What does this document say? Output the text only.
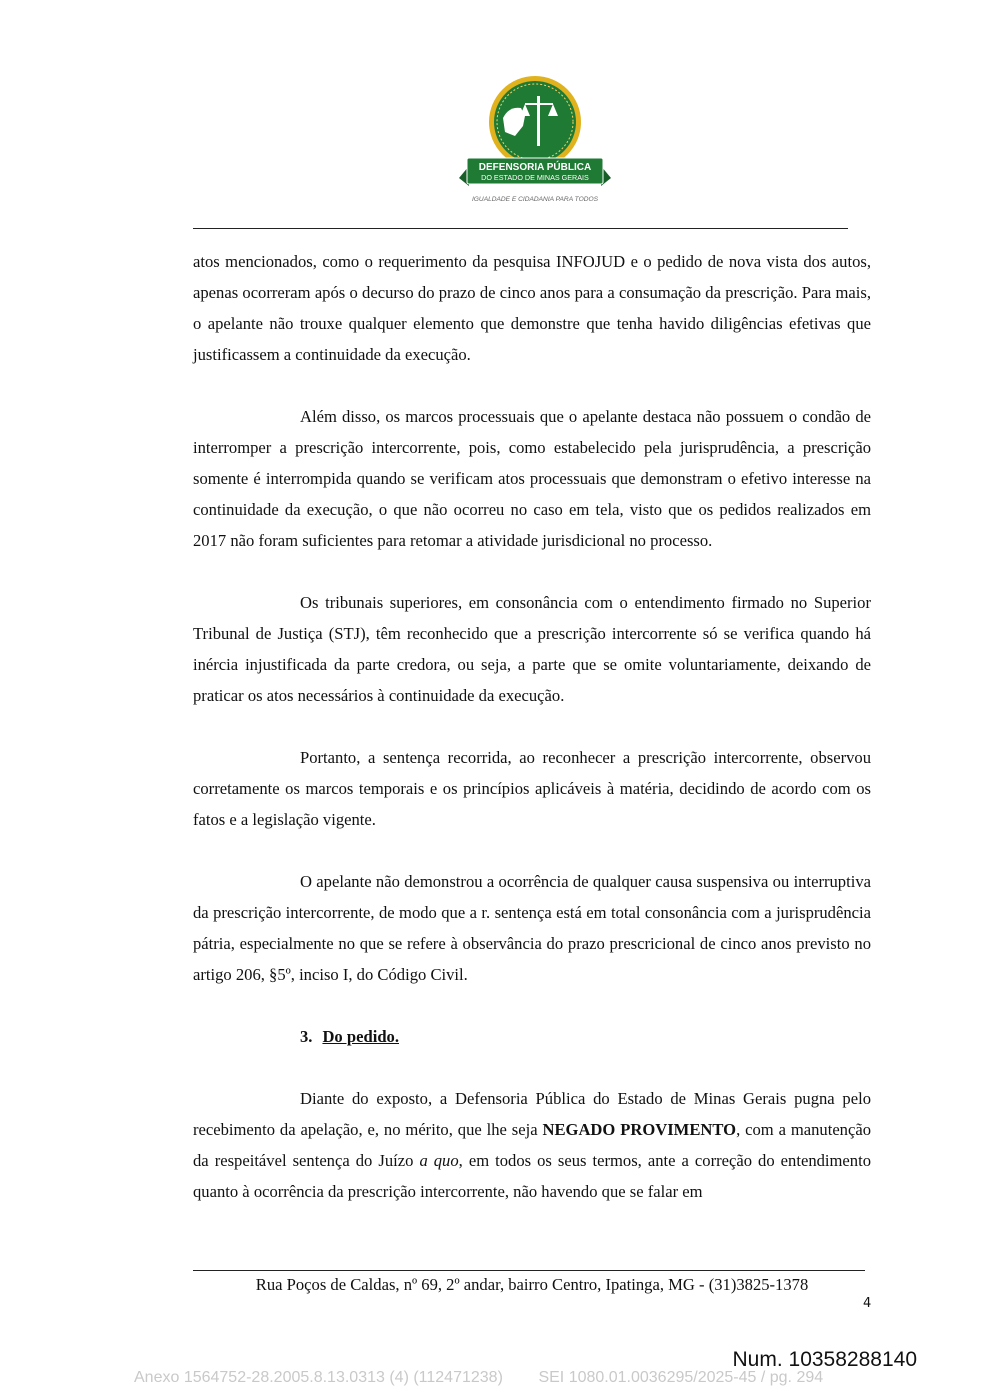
DEFENSORIA PÚBLICA
DO ESTADO DE MINAS GERAIS
IGUALDADE E CIDADANIA PARA TODOS

atos mencionados, como o requerimento da pesquisa INFOJUD e o pedido de nova vista dos autos, apenas ocorreram após o decurso do prazo de cinco anos para a consumação da prescrição. Para mais, o apelante não trouxe qualquer elemento que demonstre que tenha havido diligências efetivas que justificassem a continuidade da execução.

Além disso, os marcos processuais que o apelante destaca não possuem o condão de interromper a prescrição intercorrente, pois, como estabelecido pela jurisprudência, a prescrição somente é interrompida quando se verificam atos processuais que demonstram o efetivo interesse na continuidade da execução, o que não ocorreu no caso em tela, visto que os pedidos realizados em 2017 não foram suficientes para retomar a atividade jurisdicional no processo.

Os tribunais superiores, em consonância com o entendimento firmado no Superior Tribunal de Justiça (STJ), têm reconhecido que a prescrição intercorrente só se verifica quando há inércia injustificada da parte credora, ou seja, a parte que se omite voluntariamente, deixando de praticar os atos necessários à continuidade da execução.

Portanto, a sentença recorrida, ao reconhecer a prescrição intercorrente, observou corretamente os marcos temporais e os princípios aplicáveis à matéria, decidindo de acordo com os fatos e a legislação vigente.

O apelante não demonstrou a ocorrência de qualquer causa suspensiva ou interruptiva da prescrição intercorrente, de modo que a r. sentença está em total consonância com a jurisprudência pátria, especialmente no que se refere à observância do prazo prescricional de cinco anos previsto no artigo 206, §5º, inciso I, do Código Civil.

3. Do pedido.

Diante do exposto, a Defensoria Pública do Estado de Minas Gerais pugna pelo recebimento da apelação, e, no mérito, que lhe seja NEGADO PROVIMENTO, com a manutenção da respeitável sentença do Juízo a quo, em todos os seus termos, ante a correção do entendimento quanto à ocorrência da prescrição intercorrente, não havendo que se falar em

Rua Poços de Caldas, nº 69, 2º andar, bairro Centro, Ipatinga, MG - (31)3825-1378
4
Num. 10358288140
Anexo 1564752-28.2005.8.13.0313 (4) (112471238)        SEI 1080.01.0036295/2025-45 / pg. 294
